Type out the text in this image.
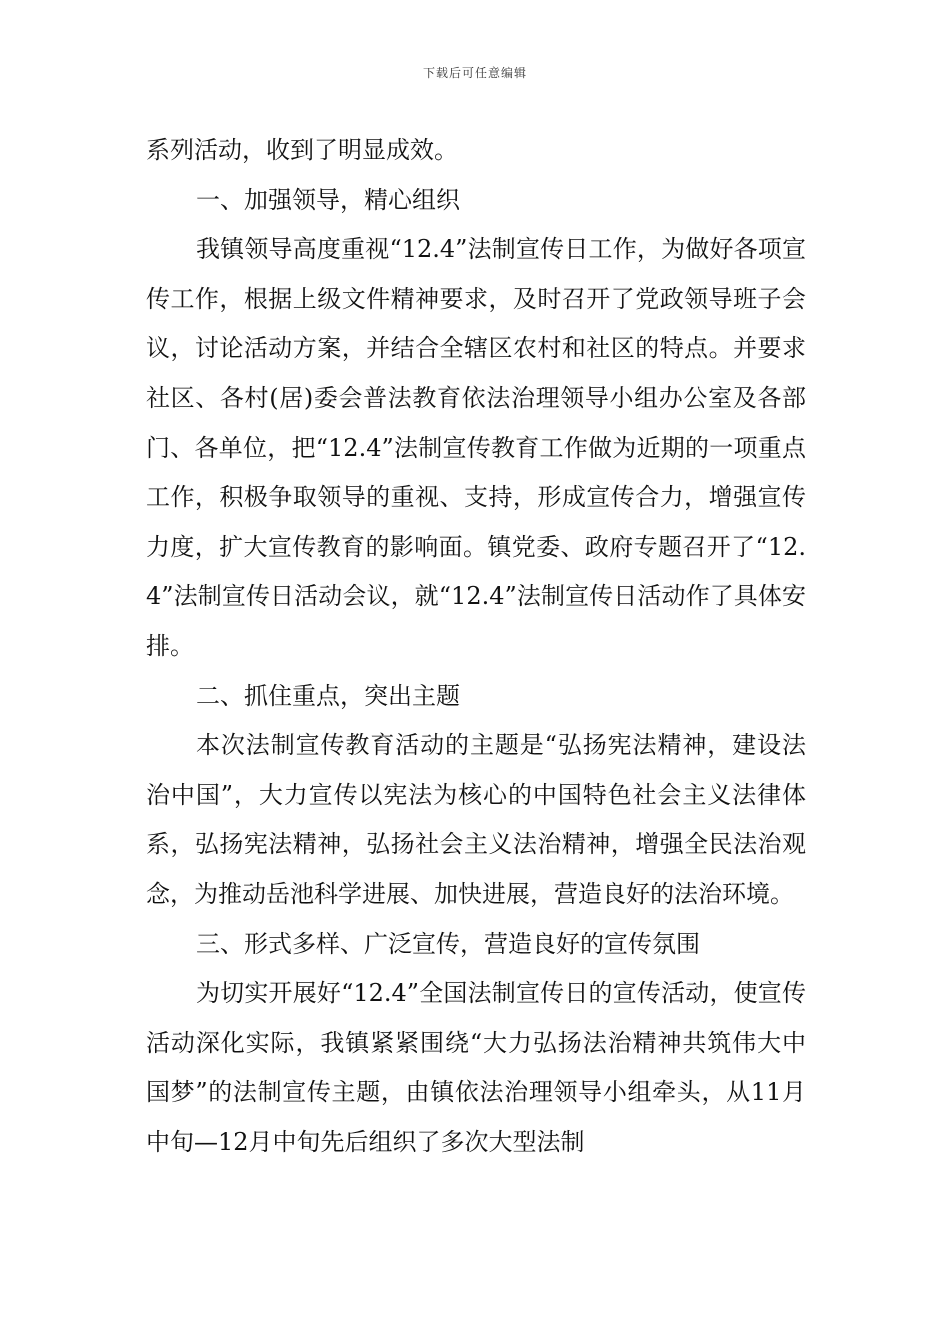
下载后可任意编辑

系列活动，收到了明显成效。

一、加强领导，精心组织

我镇领导高度重视“12.4”法制宣传日工作，为做好各项宣传工作，根据上级文件精神要求，及时召开了党政领导班子会议，讨论活动方案，并结合全辖区农村和社区的特点。并要求社区、各村(居)委会普法教育依法治理领导小组办公室及各部门、各单位，把“12.4”法制宣传教育工作做为近期的一项重点工作，积极争取领导的重视、支持，形成宣传合力，增强宣传力度，扩大宣传教育的影响面。镇党委、政府专题召开了“12.4”法制宣传日活动会议，就“12.4”法制宣传日活动作了具体安排。

二、抓住重点，突出主题

本次法制宣传教育活动的主题是“弘扬宪法精神，建设法治中国”，大力宣传以宪法为核心的中国特色社会主义法律体系，弘扬宪法精神，弘扬社会主义法治精神，增强全民法治观念，为推动岳池科学进展、加快进展，营造良好的法治环境。

三、形式多样、广泛宣传，营造良好的宣传氛围

为切实开展好“12.4”全国法制宣传日的宣传活动，使宣传活动深化实际，我镇紧紧围绕“大力弘扬法治精神共筑伟大中国梦”的法制宣传主题，由镇依法治理领导小组牵头，从11月中旬—12月中旬先后组织了多次大型法制
